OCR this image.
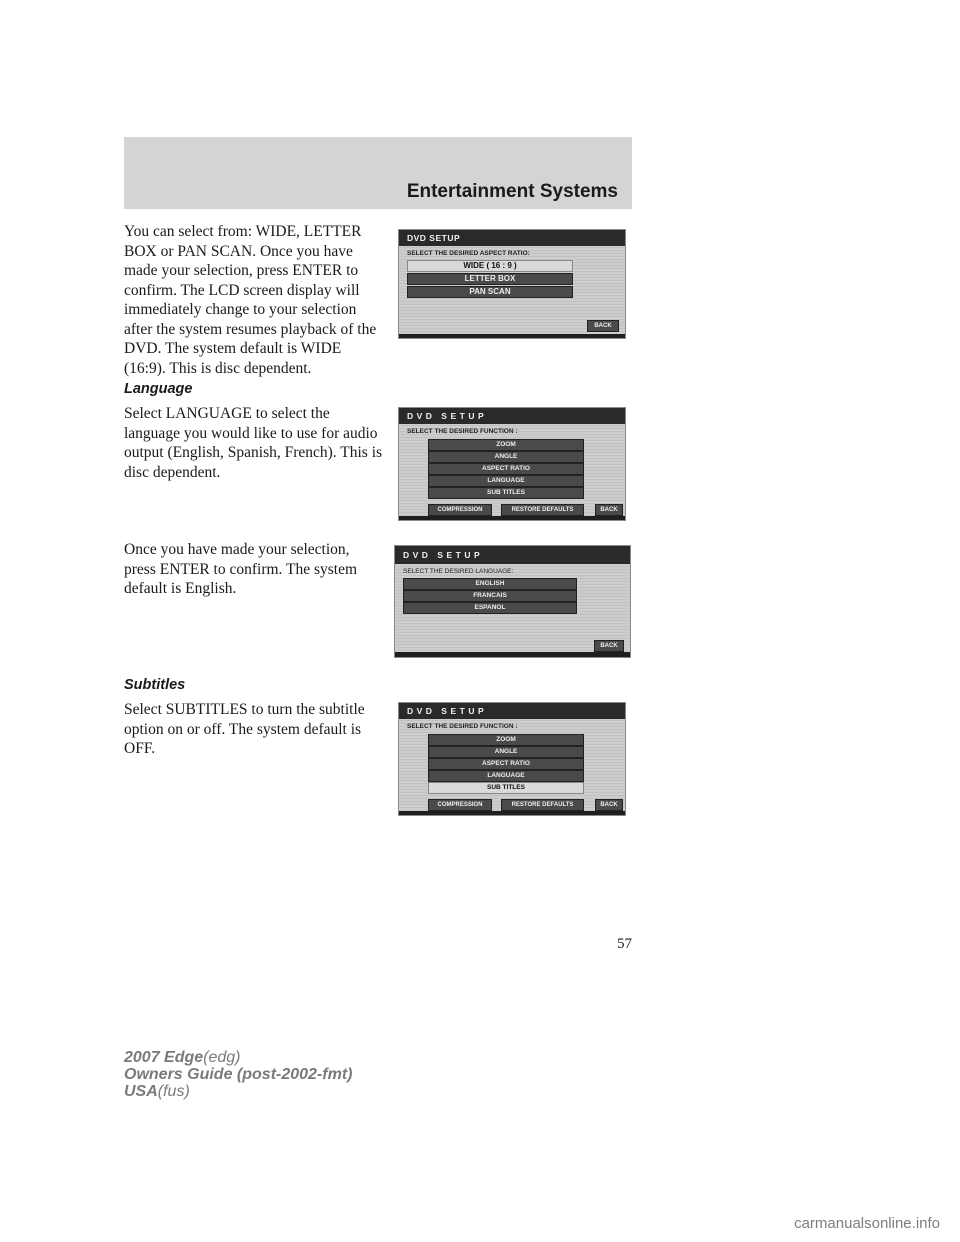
Entertainment Systems

You can select from: WIDE, LETTER BOX or PAN SCAN. Once you have made your selection, press ENTER to confirm. The LCD screen display will immediately change to your selection after the system resumes playback of the DVD. The system default is WIDE (16:9). This is disc dependent.

Language

Select LANGUAGE to select the language you would like to use for audio output (English, Spanish, French). This is disc dependent.

Once you have made your selection, press ENTER to confirm. The system default is English.

Subtitles

Select SUBTITLES to turn the subtitle option on or off. The system default is OFF.

DVD SETUP
SELECT THE DESIRED ASPECT RATIO:
WIDE ( 16 : 9 )
LETTER BOX
PAN SCAN
BACK
DVD SETUP
SELECT THE DESIRED FUNCTION :
ZOOM
ANGLE
ASPECT RATIO
LANGUAGE
SUB TITLES
COMPRESSION	RESTORE DEFAULTS	BACK
DVD SETUP
SELECT THE DESIRED LANGUAGE:
ENGLISH
FRANCAIS
ESPANOL
BACK
DVD SETUP
SELECT THE DESIRED FUNCTION :
ZOOM
ANGLE
ASPECT RATIO
LANGUAGE
SUB TITLES
COMPRESSION	RESTORE DEFAULTS	BACK
57
2007 Edge(edg)
Owners Guide (post-2002-fmt)
USA(fus)
carmanualsonline.info
